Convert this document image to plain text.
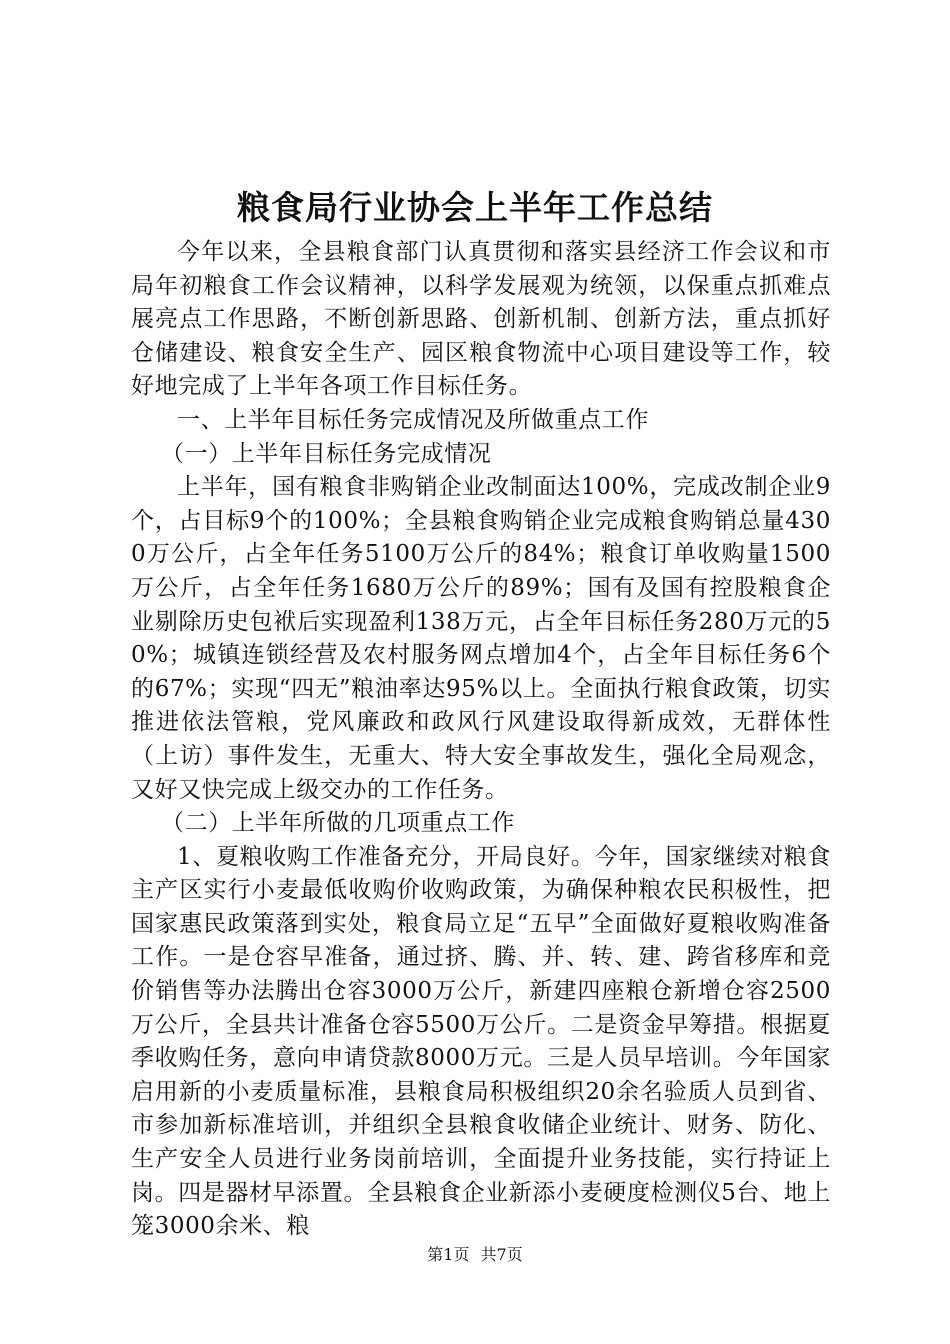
粮食局行业协会上半年工作总结

今年以来，全县粮食部门认真贯彻和落实县经济工作会议和市局年初粮食工作会议精神，以科学发展观为统领，以保重点抓难点展亮点工作思路，不断创新思路、创新机制、创新方法，重点抓好仓储建设、粮食安全生产、园区粮食物流中心项目建设等工作，较好地完成了上半年各项工作目标任务。

一、上半年目标任务完成情况及所做重点工作

（一）上半年目标任务完成情况

上半年，国有粮食非购销企业改制面达100%，完成改制企业9个，占目标9个的100%；全县粮食购销企业完成粮食购销总量4300万公斤，占全年任务5100万公斤的84%；粮食订单收购量1500万公斤，占全年任务1680万公斤的89%；国有及国有控股粮食企业剔除历史包袱后实现盈利138万元，占全年目标任务280万元的50%；城镇连锁经营及农村服务网点增加4个，占全年目标任务6个的67%；实现“四无”粮油率达95%以上。全面执行粮食政策，切实推进依法管粮，党风廉政和政风行风建设取得新成效，无群体性（上访）事件发生，无重大、特大安全事故发生，强化全局观念，又好又快完成上级交办的工作任务。

（二）上半年所做的几项重点工作

1、夏粮收购工作准备充分，开局良好。今年，国家继续对粮食主产区实行小麦最低收购价收购政策，为确保种粮农民积极性，把国家惠民政策落到实处，粮食局立足“五早”全面做好夏粮收购准备工作。一是仓容早准备，通过挤、腾、并、转、建、跨省移库和竞价销售等办法腾出仓容3000万公斤，新建四座粮仓新增仓容2500万公斤，全县共计准备仓容5500万公斤。二是资金早筹措。根据夏季收购任务，意向申请贷款8000万元。三是人员早培训。今年国家启用新的小麦质量标准，县粮食局积极组织20余名验质人员到省、市参加新标准培训，并组织全县粮食收储企业统计、财务、防化、生产安全人员进行业务岗前培训，全面提升业务技能，实行持证上岗。四是器材早添置。全县粮食企业新添小麦硬度检测仪5台、地上笼3000余米、粮

第1页 共7页
